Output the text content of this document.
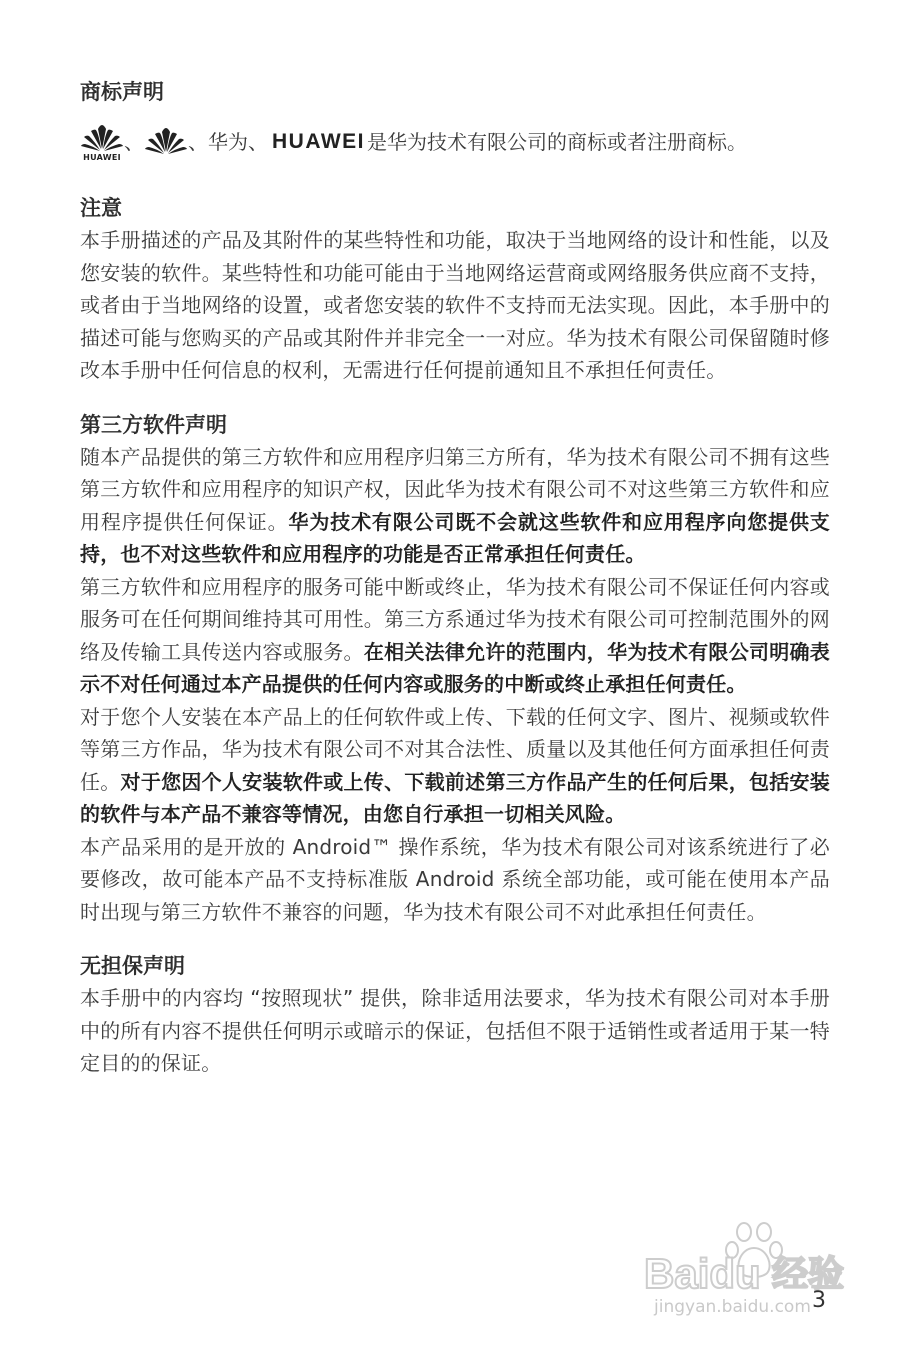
商标声明
HUAWEI
、 、华为、 HUAWEI 是华为技术有限公司的商标或者注册商标。
注意

本手册描述的产品及其附件的某些特性和功能，取决于当地网络的设计和性能，以及您安装的软件。某些特性和功能可能由于当地网络运营商或网络服务供应商不支持，或者由于当地网络的设置，或者您安装的软件不支持而无法实现。因此，本手册中的描述可能与您购买的产品或其附件并非完全一一对应。华为技术有限公司保留随时修改本手册中任何信息的权利，无需进行任何提前通知且不承担任何责任。

第三方软件声明

随本产品提供的第三方软件和应用程序归第三方所有，华为技术有限公司不拥有这些第三方软件和应用程序的知识产权，因此华为技术有限公司不对这些第三方软件和应用程序提供任何保证。华为技术有限公司既不会就这些软件和应用程序向您提供支持，也不对这些软件和应用程序的功能是否正常承担任何责任。

第三方软件和应用程序的服务可能中断或终止，华为技术有限公司不保证任何内容或服务可在任何期间维持其可用性。第三方系通过华为技术有限公司可控制范围外的网络及传输工具传送内容或服务。在相关法律允许的范围内，华为技术有限公司明确表示不对任何通过本产品提供的任何内容或服务的中断或终止承担任何责任。

对于您个人安装在本产品上的任何软件或上传、下载的任何文字、图片、视频或软件等第三方作品，华为技术有限公司不对其合法性、质量以及其他任何方面承担任何责任。对于您因个人安装软件或上传、下载前述第三方作品产生的任何后果，包括安装的软件与本产品不兼容等情况，由您自行承担一切相关风险。

本产品采用的是开放的 Android™ 操作系统，华为技术有限公司对该系统进行了必要修改，故可能本产品不支持标准版 Android 系统全部功能，或可能在使用本产品时出现与第三方软件不兼容的问题，华为技术有限公司不对此承担任何责任。

无担保声明

本手册中的内容均 “按照现状” 提供，除非适用法要求，华为技术有限公司对本手册中的所有内容不提供任何明示或暗示的保证，包括但不限于适销性或者适用于某一特定目的的保证。

Baidu 经验
jingyan.baidu.com 3
